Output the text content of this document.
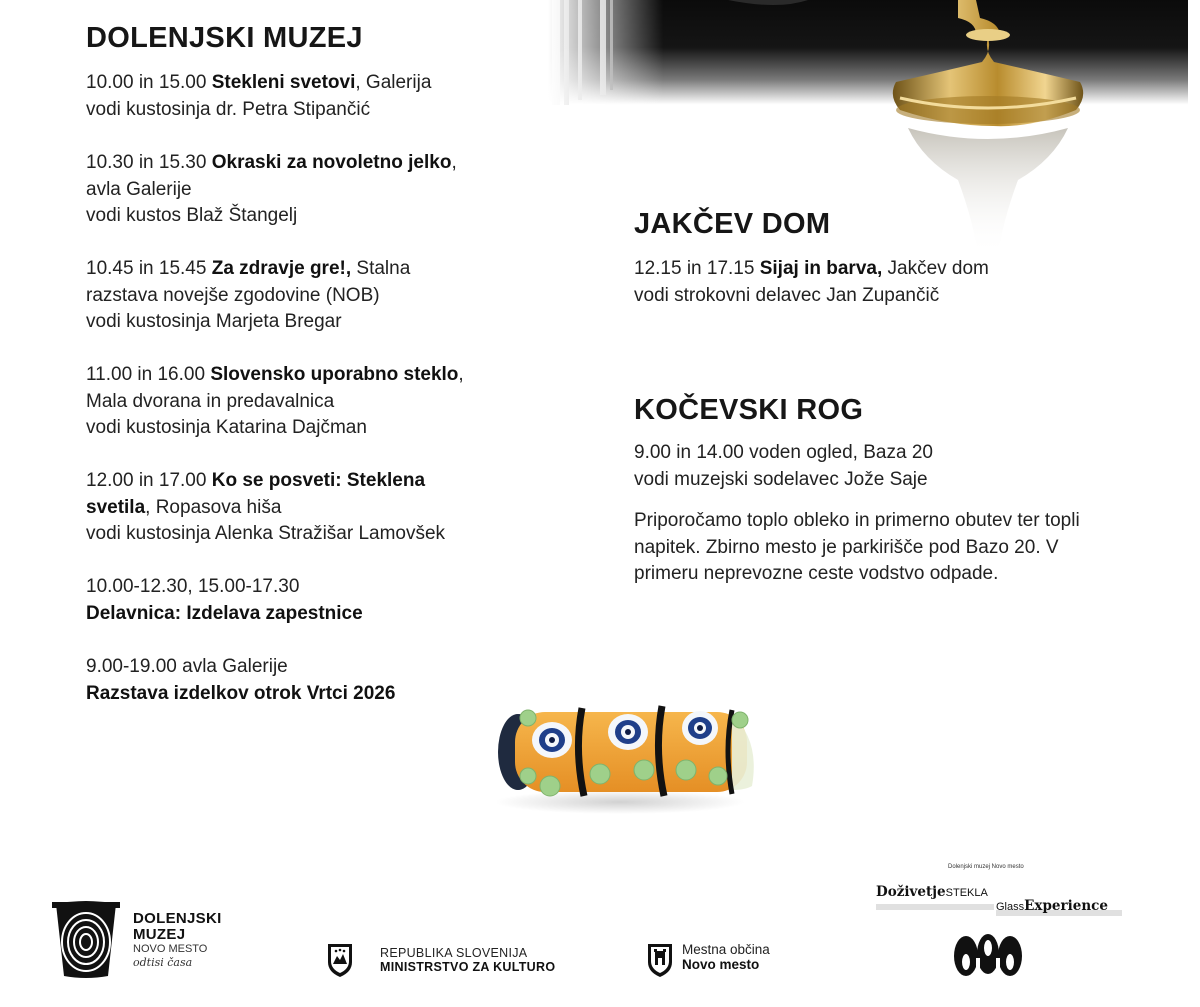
DOLENJSKI MUZEJ
10.00 in 15.00 Stekleni svetovi, Galerija
vodi kustosinja dr. Petra Stipančić
10.30 in 15.30 Okraski za novoletno jelko,
avla Galerije
vodi kustos Blaž Štangelj
10.45 in 15.45 Za zdravje gre!, Stalna
razstava novejše zgodovine (NOB)
vodi kustosinja Marjeta Bregar
11.00 in 16.00 Slovensko uporabno steklo,
Mala dvorana in predavalnica
vodi kustosinja Katarina Dajčman
12.00 in 17.00 Ko se posveti: Steklena
svetila, Ropasova hiša
vodi kustosinja Alenka Stražišar Lamovšek
10.00-12.30, 15.00-17.30
Delavnica: Izdelava zapestnice
9.00-19.00 avla Galerije
Razstava izdelkov otrok Vrtci 2026
JAKČEV DOM
12.15 in 17.15 Sijaj in barva, Jakčev dom
vodi strokovni delavec Jan Zupančič
KOČEVSKI ROG
9.00 in 14.00 voden ogled, Baza 20
vodi muzejski sodelavec Jože Saje
Priporočamo toplo obleko in primerno obutev ter topli
napitek. Zbirno mesto je parkirišče pod Bazo 20. V
primeru neprevozne ceste vodstvo odpade.
DOLENJSKI
MUZEJ
NOVO MESTO
odtisi časa
REPUBLIKA SLOVENIJA
MINISTRSTVO ZA KULTURO
Mestna občina
Novo mesto
Dolenjski muzej Novo mesto
DoživetjeSTEKLA
GlassExperience
